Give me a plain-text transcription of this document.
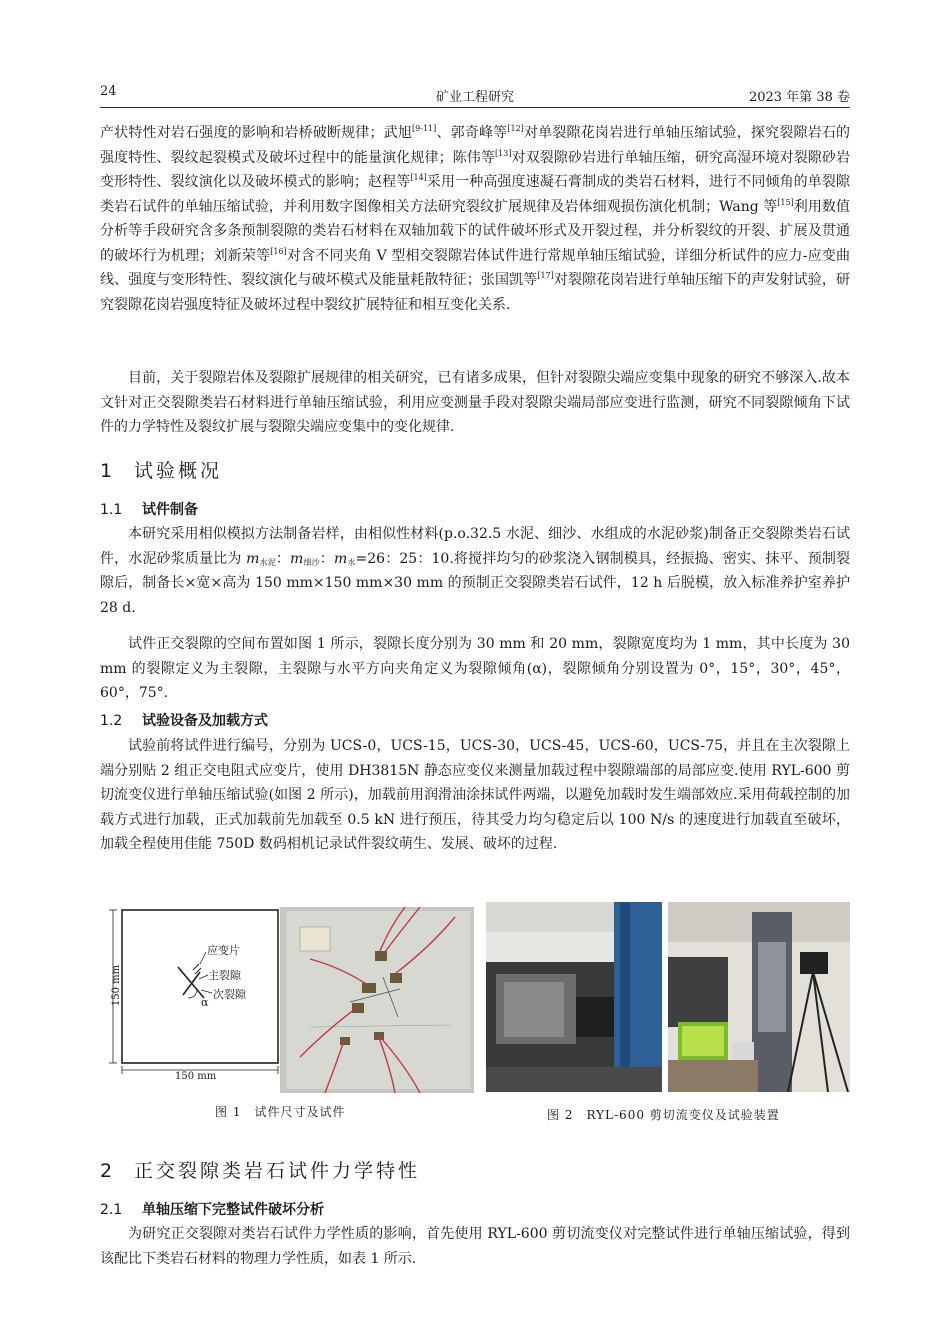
24	矿业工程研究	2023 年第 38 卷

产状特性对岩石强度的影响和岩桥破断规律；武旭[9-11]、郭奇峰等[12]对单裂隙花岗岩进行单轴压缩试验，探究裂隙岩石的强度特性、裂纹起裂模式及破坏过程中的能量演化规律；陈伟等[13]对双裂隙砂岩进行单轴压缩，研究高湿环境对裂隙砂岩变形特性、裂纹演化以及破坏模式的影响；赵程等[14]采用一种高强度速凝石膏制成的类岩石材料，进行不同倾角的单裂隙类岩石试件的单轴压缩试验，并利用数字图像相关方法研究裂纹扩展规律及岩体细观损伤演化机制；Wang 等[15]利用数值分析等手段研究含多条预制裂隙的类岩石材料在双轴加载下的试件破坏形式及开裂过程，并分析裂纹的开裂、扩展及贯通的破坏行为机理；刘新荣等[16]对含不同夹角 V 型相交裂隙岩体试件进行常规单轴压缩试验，详细分析试件的应力-应变曲线、强度与变形特性、裂纹演化与破坏模式及能量耗散特征；张国凯等[17]对裂隙花岗岩进行单轴压缩下的声发射试验，研究裂隙花岗岩强度特征及破坏过程中裂纹扩展特征和相互变化关系.

目前，关于裂隙岩体及裂隙扩展规律的相关研究，已有诸多成果，但针对裂隙尖端应变集中现象的研究不够深入.故本文针对正交裂隙类岩石材料进行单轴压缩试验，利用应变测量手段对裂隙尖端局部应变进行监测，研究不同裂隙倾角下试件的力学特性及裂纹扩展与裂隙尖端应变集中的变化规律.

1 试验概况
1.1 试件制备

本研究采用相似模拟方法制备岩样，由相似性材料(p.o.32.5 水泥、细沙、水组成的水泥砂浆)制备正交裂隙类岩石试件，水泥砂浆质量比为 $m_{水泥}$：$m_{细沙}$：$m_水=26$：25：10.将搅拌均匀的砂浆浇入钢制模具，经振捣、密实、抹平、预制裂隙后，制备长×宽×高为 150 mm×150 mm×30 mm 的预制正交裂隙类岩石试件，12 h 后脱模，放入标准养护室养护 28 d.

试件正交裂隙的空间布置如图 1 所示，裂隙长度分别为 30 mm 和 20 mm，裂隙宽度均为 1 mm，其中长度为 30 mm 的裂隙定义为主裂隙，主裂隙与水平方向夹角定义为裂隙倾角(α)，裂隙倾角分别设置为 0°，15°，30°，45°，60°，75°.

1.2 试验设备及加载方式

试验前将试件进行编号，分别为 UCS-0，UCS-15，UCS-30，UCS-45，UCS-60，UCS-75，并且在主次裂隙上端分别贴 2 组正交电阻式应变片，使用 DH3815N 静态应变仪来测量加载过程中裂隙端部的局部应变.使用 RYL-600 剪切流变仪进行单轴压缩试验(如图 2 所示)，加载前用润滑油涂抹试件两端，以避免加载时发生端部效应.采用荷载控制的加载方式进行加载，正式加载前先加载至 0.5 kN 进行预压，待其受力均匀稳定后以 100 N/s 的速度进行加载直至破坏，加载全程使用佳能 750D 数码相机记录试件裂纹萌生、发展、破坏的过程.

150 mm
150 mm
应变片
主裂隙
次裂隙
α
图 1　试件尺寸及试件	图 2　RYL-600 剪切流变仪及试验装置
2 正交裂隙类岩石试件力学特性
2.1 单轴压缩下完整试件破坏分析

为研究正交裂隙对类岩石试件力学性质的影响，首先使用 RYL-600 剪切流变仪对完整试件进行单轴压缩试验，得到该配比下类岩石材料的物理力学性质，如表 1 所示.
